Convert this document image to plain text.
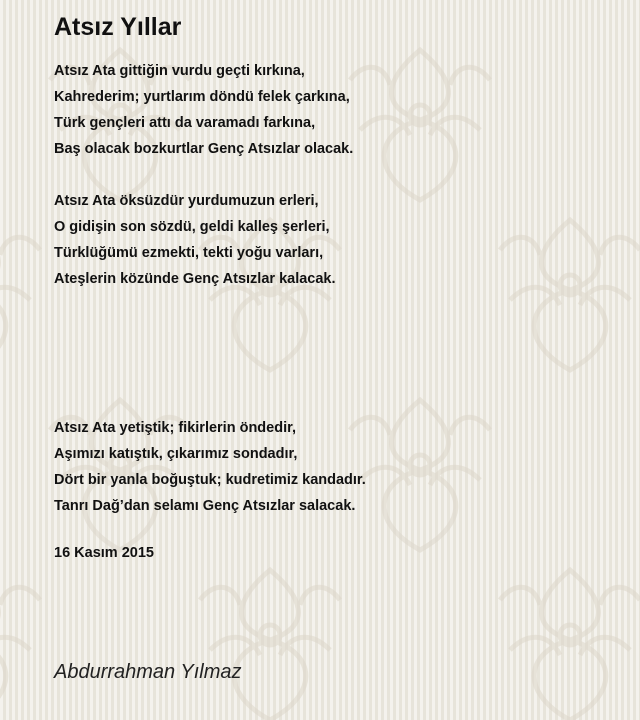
Atsız Yıllar
Atsız Ata gittiğin vurdu geçti kırkına,
Kahrederim; yurtlarım döndü felek çarkına,
Türk gençleri attı da varamadı farkına,
Baş olacak bozkurtlar Genç Atsızlar olacak.
Atsız Ata öksüzdür yurdumuzun erleri,
O gidişin son sözdü, geldi kalleş şerleri,
Türklüğümü ezmekti, tekti yoğu varları,
Ateşlerin közünde Genç Atsızlar kalacak.
Atsız Ata yetiştik; fikirlerin öndedir,
Aşımızı katıştık, çıkarımız sondadır,
Dört bir yanla boğuştuk; kudretimiz kandadır.
Tanrı Dağ’dan selamı Genç Atsızlar salacak.
16 Kasım 2015
Abdurrahman Yılmaz
